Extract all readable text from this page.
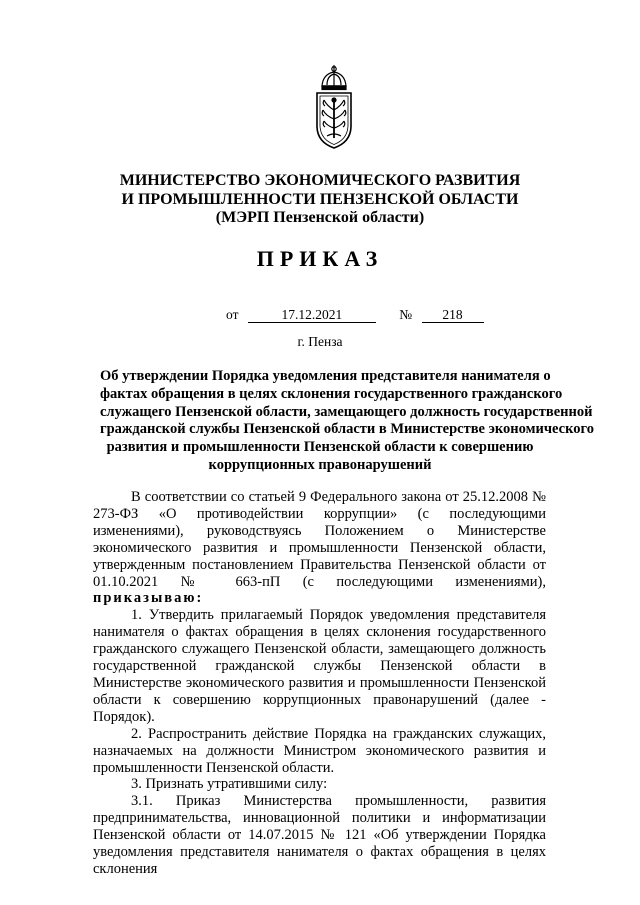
МИНИСТЕРСТВО ЭКОНОМИЧЕСКОГО РАЗВИТИЯ
И ПРОМЫШЛЕННОСТИ ПЕНЗЕНСКОЙ ОБЛАСТИ
(МЭРП Пензенской области)
ПРИКАЗ
от	17.12.2021	№ 218
г. Пенза
Об утверждении Порядка уведомления представителя нанимателя о
фактах обращения в целях склонения государственного гражданского
служащего Пензенской области, замещающего должность государственной
гражданской службы Пензенской области в Министерстве экономического
развития и промышленности Пензенской области к совершению
коррупционных правонарушений

В соответствии со статьей 9 Федерального закона от 25.12.2008 № 273-ФЗ «О противодействии коррупции» (с последующими изменениями), руководствуясь Положением о Министерстве экономического развития и промышленности Пензенской области, утвержденным постановлением Правительства Пензенской области от 01.10.2021 № 663-пП (с последующими изменениями), приказываю:

1. Утвердить прилагаемый Порядок уведомления представителя нанимателя о фактах обращения в целях склонения государственного гражданского служащего Пензенской области, замещающего должность государственной гражданской службы Пензенской области в Министерстве экономического развития и промышленности Пензенской области к совершению коррупционных правонарушений (далее - Порядок).

2. Распространить действие Порядка на гражданских служащих, назначаемых на должности Министром экономического развития и промышленности Пензенской области.

3. Признать утратившими силу:

3.1. Приказ Министерства промышленности, развития предпринимательства, инновационной политики и информатизации Пензенской области от 14.07.2015 № 121 «Об утверждении Порядка уведомления представителя нанимателя о фактах обращения в целях склонения
